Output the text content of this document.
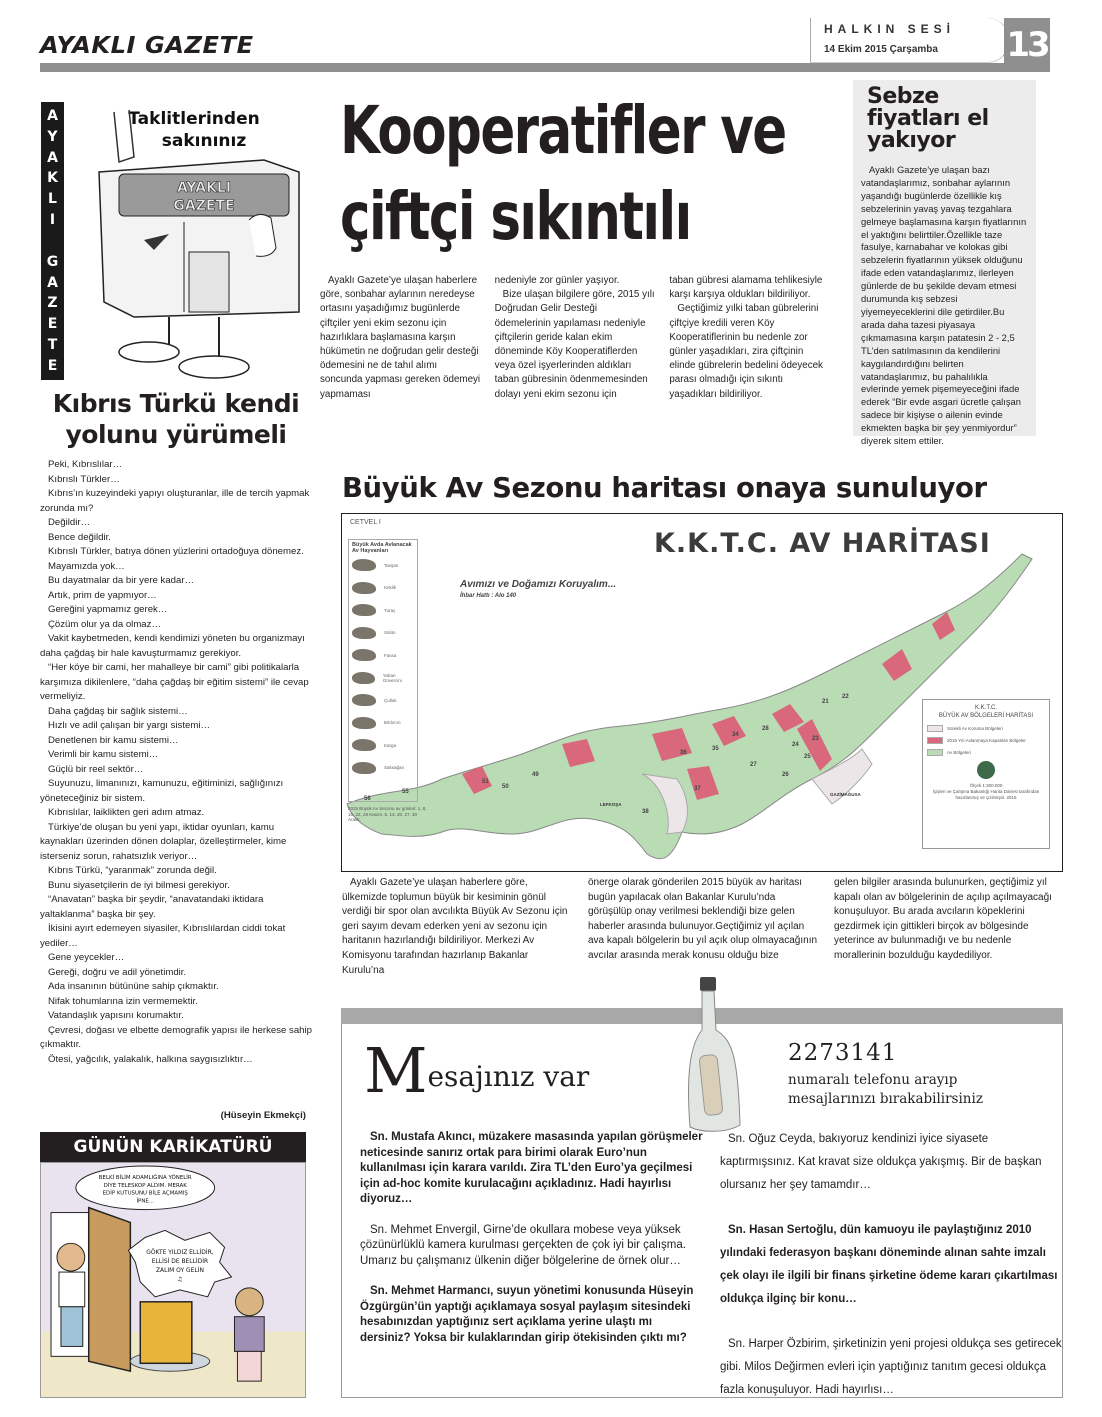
AYAKLI GAZETE
HALKIN SESİ
14 Ekim 2015 Çarşamba 13
A
Y
A
K
L
I

G
A
Z
E
T
E
Taklitlerinden
sakınınız
AYAKLI
GAZETE
Kıbrıs Türkü kendi yolunu yürümeli

Peki, Kıbrıslılar…

Kıbrıslı Türkler…

Kıbrıs’ın kuzeyindeki yapıyı oluşturanlar, ille de tercih yapmak zorunda mı?

Değildir…

Bence değildir.

Kıbrıslı Türkler, batıya dönen yüzlerini ortadoğuya dönemez.

Mayamızda yok…

Bu dayatmalar da bir yere kadar…

Artık, prim de yapmıyor…

Gereğini yapmamız gerek…

Çözüm olur ya da olmaz…

Vakit kaybetmeden, kendi kendimizi yöneten bu organizmayı daha çağdaş bir hale kavuşturmamız gerekiyor.

“Her köye bir cami, her mahalleye bir cami” gibi politikalarla karşımıza dikilenlere, “daha çağdaş bir eğitim sistemi” ile cevap vermeliyiz.

Daha çağdaş bir sağlık sistemi…

Hızlı ve adil çalışan bir yargı sistemi…

Denetlenen bir kamu sistemi…

Verimli bir kamu sistemi…

Güçlü bir reel sektör…

Suyunuzu, limanınızı, kamunuzu, eğitiminizi, sağlığınızı yöneteceğiniz bir sistem.

Kıbrıslılar, laiklikten geri adım atmaz.

Türkiye’de oluşan bu yeni yapı, iktidar oyunları, kamu kaynakları üzerinden dönen dolaplar, özelleştirmeler, kime isterseniz sorun, rahatsızlık veriyor…

Kıbrıs Türkü, “yaranmak” zorunda değil.

Bunu siyasetçilerin de iyi bilmesi gerekiyor.

“Anavatan” başka bir şeydir, “anavatandaki iktidara yaltaklanma” başka bir şey.

İkisini ayırt edemeyen siyasiler, Kıbrıslılardan ciddi tokat yediler…

Gene yeycekler…

Gereği, doğru ve adil yönetimdir.

Ada insanının bütününe sahip çıkmaktır.

Nifak tohumlarına izin vermemektir.

Vatandaşlık yapısını korumaktır.

Çevresi, doğası ve elbette demografik yapısı ile herkese sahip çıkmaktır.

Ötesi, yağcılık, yalakalık, halkına saygısızlıktır…

(Hüseyin Ekmekçi)
GÜNÜN KARİKATÜRÜ
BELKİ BİLİM ADAMLIĞINA YÖNELİR
DİYE TELESKOP ALDIM. MERAK
EDİP KUTUSUNU BİLE AÇMAMIŞ
İPNE...
GÖKTE YILDIZ ELLİDİR,
ELLİSİ DE BELLİDİR
ZALIM OY GELİN
♫
Kooperatifler ve çiftçi sıkıntılı

Ayaklı Gazete’ye ulaşan haberlere göre, sonbahar aylarının neredeyse ortasını yaşadığımız bugünlerde çiftçiler yeni ekim sezonu için hazırlıklara başlamasına karşın hükümetin ne doğrudan gelir desteği ödemesini ne de tahıl alımı soncunda yapması gereken ödemeyi yapmaması

nedeniyle zor günler yaşıyor.

Bize ulaşan bilgilere göre, 2015 yılı Doğrudan Gelir Desteği ödemelerinin yapılaması nedeniyle çiftçilerin geride kalan ekim döneminde Köy Kooperatiflerden veya özel işyerlerinden aldıkları taban gübresinin ödenmemesinden dolayı yeni ekim sezonu için

taban gübresi alamama tehlikesiyle karşı karşıya oldukları bildiriliyor.

Geçtiğimiz yılki taban gübrelerini çiftçiye kredili veren Köy Kooperatiflerinin bu nedenle zor günler yaşadıkları, zira çiftçinin elinde gübrelerin bedelini ödeyecek parası olmadığı için sıkıntı yaşadıkları bildiriliyor.

Sebze fiyatları el yakıyor

Ayaklı Gazete’ye ulaşan bazı vatandaşlarımız, sonbahar aylarının yaşandığı bugünlerde özellikle kış sebzelerinin yavaş yavaş tezgahlara gelmeye başlamasına karşın fiyatlarının el yaktığını belirttiler.Özellikle taze fasulye, karnabahar ve kolokas gibi sebzelerin fiyatlarının yüksek olduğunu ifade eden vatandaşlarımız, ilerleyen günlerde de bu şekilde devam etmesi durumunda kış sebzesi yiyemeyeceklerini dile getirdiler.Bu arada daha tazesi piyasaya çıkmamasına karşın patatesin 2 - 2,5 TL’den satılmasının da kendilerini kaygılandırdığını belirten vatandaşlarımız, bu pahalılıkla evlerinde yemek pişemeyeceğini ifade ederek “Bir evde asgari ücretle çalışan sadece bir kişiyse o ailenin evinde ekmekten başka bir şey yenmiyordur” diyerek sitem ettiler.

Büyük Av Sezonu haritası onaya sunuluyor
CETVEL I
Büyük Avda Avlanacak Av Hayvanları
Tavşan
Keklik
Turaç
Sülün
Fassa
Yaban Güvercini
Çulluk
Bıldırcın
Karga
Saksağan
2015 Büyük Av Sezonu av günleri: 1, 8, 15, 22, 29 Kasım, 6, 13, 20, 27, 30 Aralık.
K.K.T.C. AV HARİTASI
Avımızı ve Doğamızı Koruyalım...
İhbar Hattı : Alo 140
LEFKOŞA
GAZİMAĞUSA
56
55
51
50
49
38
37
36
35
34
28
27
26
25
24
23
22
21
K.K.T.C.
BÜYÜK AV BÖLGELERİ HARİTASI
Sürekli Av Koruma Bölgeleri
2015 Yılı Avlanmaya Kapatılan Bölgeler
Av Bölgeleri
Ölçek 1:300.000
İçişleri ve Çalışma Bakanlığı Harita Dairesi tarafından hazırlanmış ve çizilmiştir. 2015

Ayaklı Gazete’ye ulaşan haberlere göre, ülkemizde toplumun büyük bir kesiminin gönül verdiği bir spor olan avcılıkta Büyük Av Sezonu için geri sayım devam ederken yeni av sezonu için haritanın hazırlandığı bildiriliyor. Merkezi Av Komisyonu tarafından hazırlanıp Bakanlar Kurulu’na

önerge olarak gönderilen 2015 büyük av haritası bugün yapılacak olan Bakanlar Kurulu’nda görüşülüp onay verilmesi beklendiği bize gelen haberler arasında bulunuyor.Geçtiğimiz yıl açılan ava kapalı bölgelerin bu yıl açık olup olmayacağının avcılar arasında merak konusu olduğu bize

gelen bilgiler arasında bulunurken, geçtiğimiz yıl kapalı olan av bölgelerinin de açılıp açılmayacağı konuşuluyor. Bu arada avcıların köpeklerini gezdirmek için gittikleri birçok av bölgesinde yeterince av bulunmadığı ve bu nedenle morallerinin bozulduğu kaydediliyor.

Mesajınız var
2273141
numaralı telefonu arayıp
mesajlarınızı bırakabilirsiniz

Sn. Mustafa Akıncı, müzakere masasında yapılan görüşmeler neticesinde sanırız ortak para birimi olarak Euro’nun kullanılması için karara varıldı. Zira TL’den Euro’ya geçilmesi için ad-hoc komite kurulacağını açıkladınız. Hadi hayırlısı diyoruz…

Sn. Mehmet Envergil, Girne’de okullara mobese veya yüksek çözünürlüklü kamera kurulması gerçekten de çok iyi bir çalışma. Umarız bu çalışmanız ülkenin diğer bölgelerine de örnek olur…

Sn. Mehmet Harmancı, suyun yönetimi konusunda Hüseyin Özgürgün’ün yaptığı açıklamaya sosyal paylaşım sitesindeki hesabınızdan yaptığınız sert açıklama yerine ulaştı mı dersiniz? Yoksa bir kulaklarından girip ötekisinden çıktı mı?

Sn. Oğuz Ceyda, bakıyoruz kendinizi iyice siyasete kaptırmışsınız. Kat kravat size oldukça yakışmış. Bir de başkan olursanız her şey tamamdır…

Sn. Hasan Sertoğlu, dün kamuoyu ile paylaştığınız 2010 yılındaki federasyon başkanı döneminde alınan sahte imzalı çek olayı ile ilgili bir finans şirketine ödeme kararı çıkartılması oldukça ilginç bir konu…

Sn. Harper Özbirim, şirketinizin yeni projesi oldukça ses getirecek gibi. Milos Değirmen evleri için yaptığınız tanıtım gecesi oldukça fazla konuşuluyor. Hadi hayırlısı…
